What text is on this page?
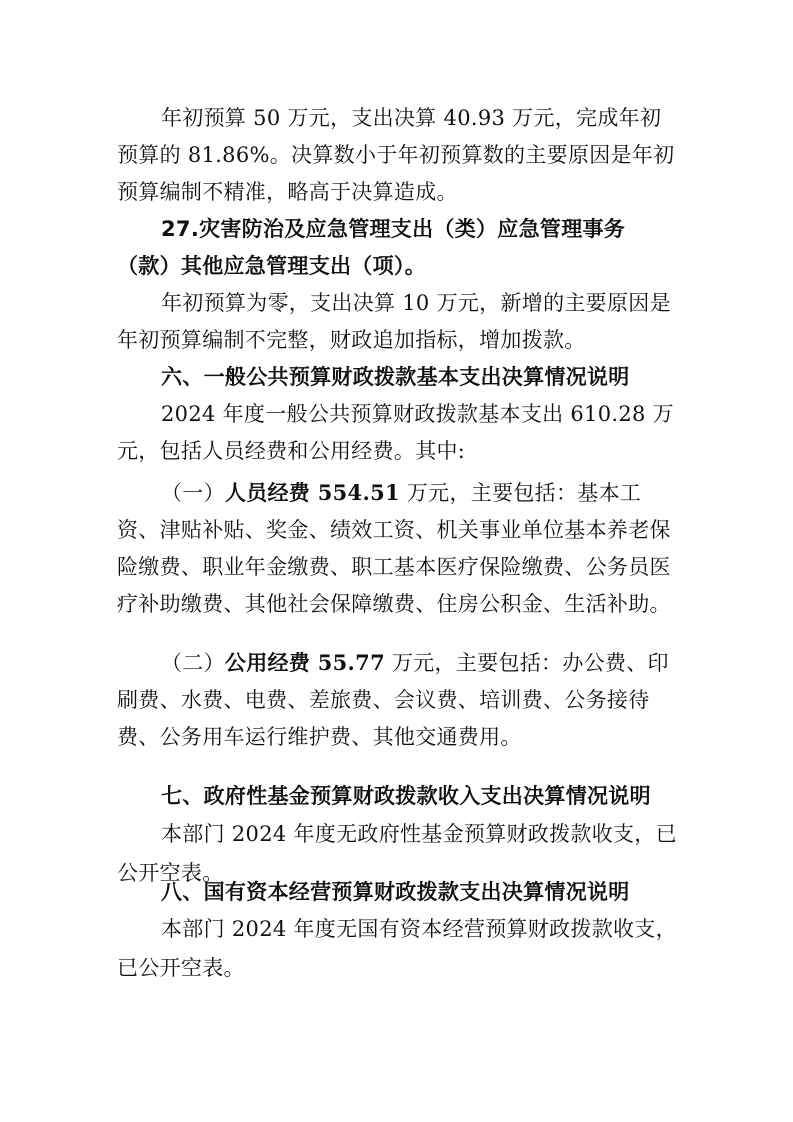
年初预算 50 万元，支出决算 40.93 万元，完成年初预算的 81.86%。决算数小于年初预算数的主要原因是年初预算编制不精准，略高于决算造成。

27.灾害防治及应急管理支出（类）应急管理事务（款）其他应急管理支出（项）。

年初预算为零，支出决算 10 万元，新增的主要原因是年初预算编制不完整，财政追加指标，增加拨款。

六、一般公共预算财政拨款基本支出决算情况说明

2024 年度一般公共预算财政拨款基本支出 610.28 万元，包括人员经费和公用经费。其中:

（一）人员经费 554.51 万元，主要包括：基本工资、津贴补贴、奖金、绩效工资、机关事业单位基本养老保险缴费、职业年金缴费、职工基本医疗保险缴费、公务员医疗补助缴费、其他社会保障缴费、住房公积金、生活补助。

（二）公用经费 55.77 万元，主要包括：办公费、印刷费、水费、电费、差旅费、会议费、培训费、公务接待费、公务用车运行维护费、其他交通费用。

七、政府性基金预算财政拨款收入支出决算情况说明

本部门 2024 年度无政府性基金预算财政拨款收支，已公开空表。

八、国有资本经营预算财政拨款支出决算情况说明

本部门 2024 年度无国有资本经营预算财政拨款收支，已公开空表。
